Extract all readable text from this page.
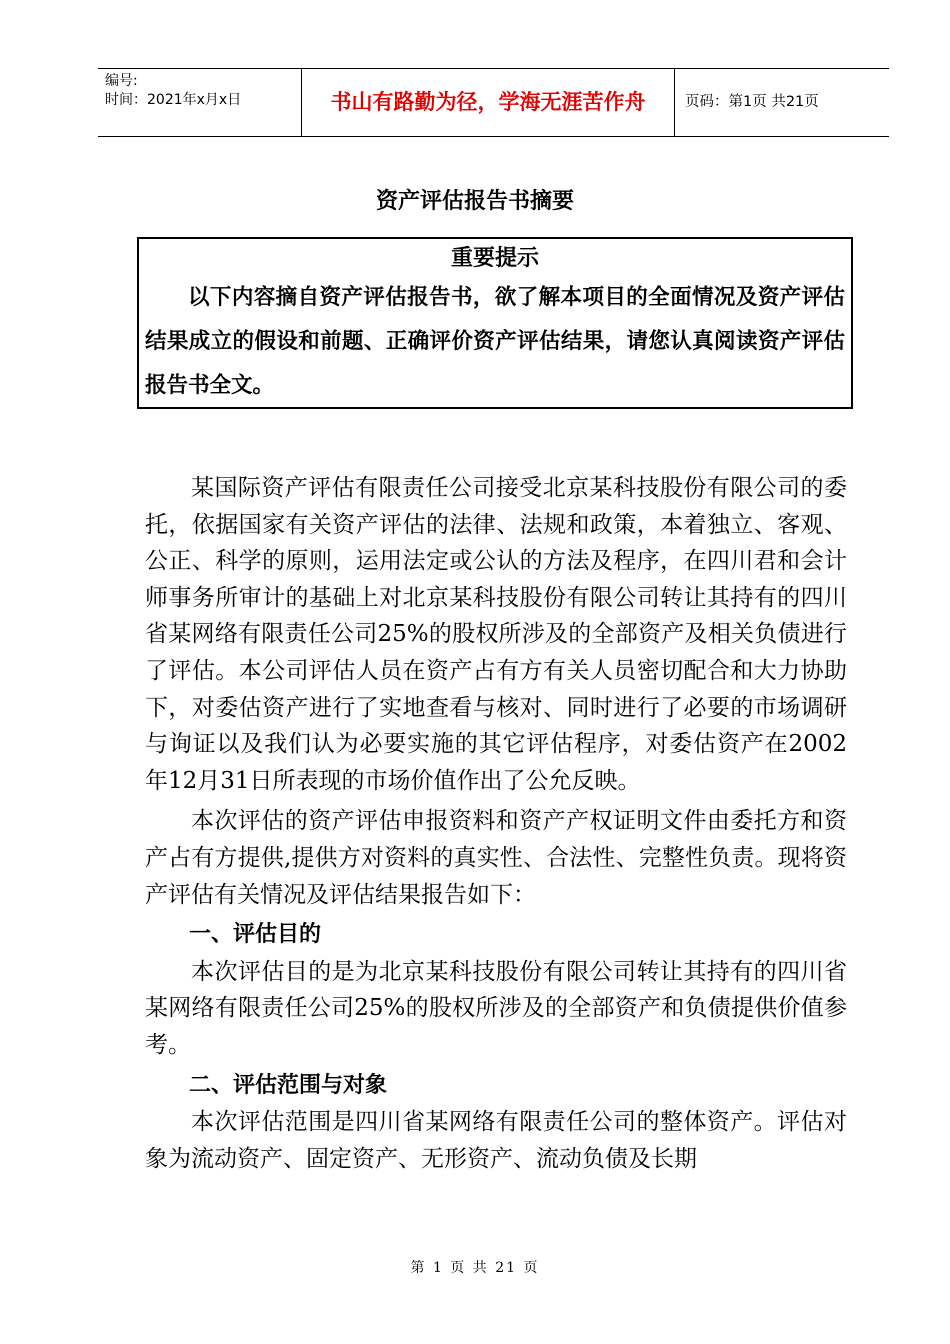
编号:
时间：2021年x月x日	书山有路勤为径，学海无涯苦作舟	页码：第1页 共21页
资产评估报告书摘要
重要提示
以下内容摘自资产评估报告书，欲了解本项目的全面情况及资产评估结果成立的假设和前题、正确评价资产评估结果，请您认真阅读资产评估报告书全文。

某国际资产评估有限责任公司接受北京某科技股份有限公司的委托，依据国家有关资产评估的法律、法规和政策，本着独立、客观、公正、科学的原则，运用法定或公认的方法及程序，在四川君和会计师事务所审计的基础上对北京某科技股份有限公司转让其持有的四川省某网络有限责任公司25%的股权所涉及的全部资产及相关负债进行了评估。本公司评估人员在资产占有方有关人员密切配合和大力协助下，对委估资产进行了实地查看与核对、同时进行了必要的市场调研与询证以及我们认为必要实施的其它评估程序，对委估资产在2002年12月31日所表现的市场价值作出了公允反映。

本次评估的资产评估申报资料和资产产权证明文件由委托方和资产占有方提供,提供方对资料的真实性、合法性、完整性负责。现将资产评估有关情况及评估结果报告如下：

一、评估目的

本次评估目的是为北京某科技股份有限公司转让其持有的四川省某网络有限责任公司25%的股权所涉及的全部资产和负债提供价值参考。

二、评估范围与对象

本次评估范围是四川省某网络有限责任公司的整体资产。评估对象为流动资产、固定资产、无形资产、流动负债及长期

第 1 页 共 21 页
